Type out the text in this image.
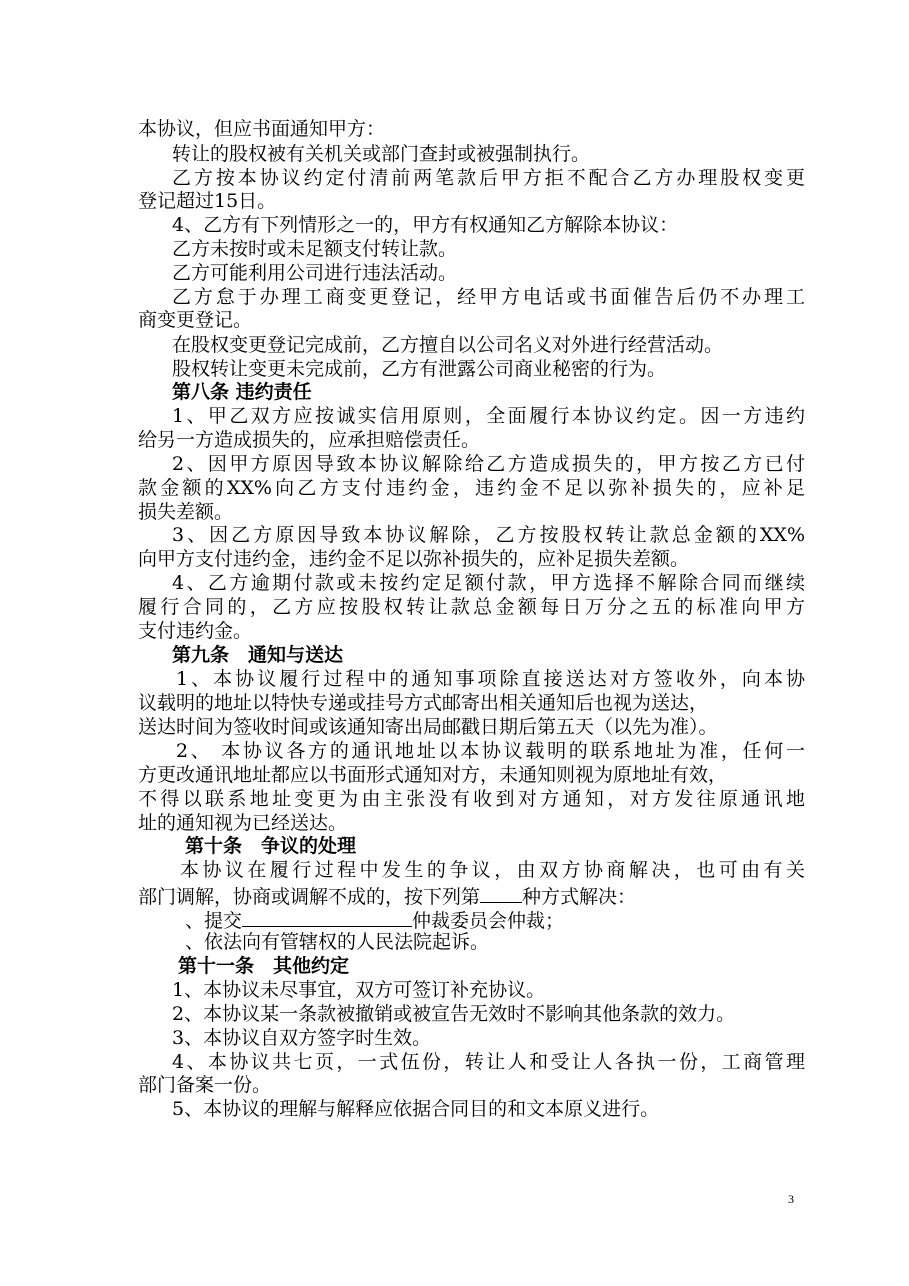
本协议，但应书面通知甲方：
转让的股权被有关机关或部门查封或被强制执行。
乙方按本协议约定付清前两笔款后甲方拒不配合乙方办理股权变更
登记超过15日。
4、乙方有下列情形之一的，甲方有权通知乙方解除本协议：
乙方未按时或未足额支付转让款。
乙方可能利用公司进行违法活动。
乙方怠于办理工商变更登记，经甲方电话或书面催告后仍不办理工
商变更登记。
在股权变更登记完成前，乙方擅自以公司名义对外进行经营活动。
股权转让变更未完成前，乙方有泄露公司商业秘密的行为。
第八条 违约责任
1、甲乙双方应按诚实信用原则，全面履行本协议约定。因一方违约
给另一方造成损失的，应承担赔偿责任。
2、因甲方原因导致本协议解除给乙方造成损失的，甲方按乙方已付
款金额的XX%向乙方支付违约金，违约金不足以弥补损失的，应补足
损失差额。
3、因乙方原因导致本协议解除，乙方按股权转让款总金额的XX%
向甲方支付违约金，违约金不足以弥补损失的，应补足损失差额。
4、乙方逾期付款或未按约定足额付款，甲方选择不解除合同而继续
履行合同的，乙方应按股权转让款总金额每日万分之五的标准向甲方
支付违约金。
第九条　通知与送达
1、本协议履行过程中的通知事项除直接送达对方签收外，向本协
议载明的地址以特快专递或挂号方式邮寄出相关通知后也视为送达，
送达时间为签收时间或该通知寄出局邮戳日期后第五天（以先为准）。
2、 本协议各方的通讯地址以本协议载明的联系地址为准，任何一
方更改通讯地址都应以书面形式通知对方，未通知则视为原地址有效，
不得以联系地址变更为由主张没有收到对方通知，对方发往原通讯地
址的通知视为已经送达。
第十条　争议的处理
本协议在履行过程中发生的争议，由双方协商解决，也可由有关
部门调解，协商或调解不成的，按下列第 种方式解决：
、提交	仲裁委员会仲裁；
、依法向有管辖权的人民法院起诉。
第十一条　其他约定
1、本协议未尽事宜，双方可签订补充协议。
2、本协议某一条款被撤销或被宣告无效时不影响其他条款的效力。
3、本协议自双方签字时生效。
4、本协议共七页，一式伍份，转让人和受让人各执一份，工商管理
部门备案一份。
5、本协议的理解与解释应依据合同目的和文本原义进行。
3
